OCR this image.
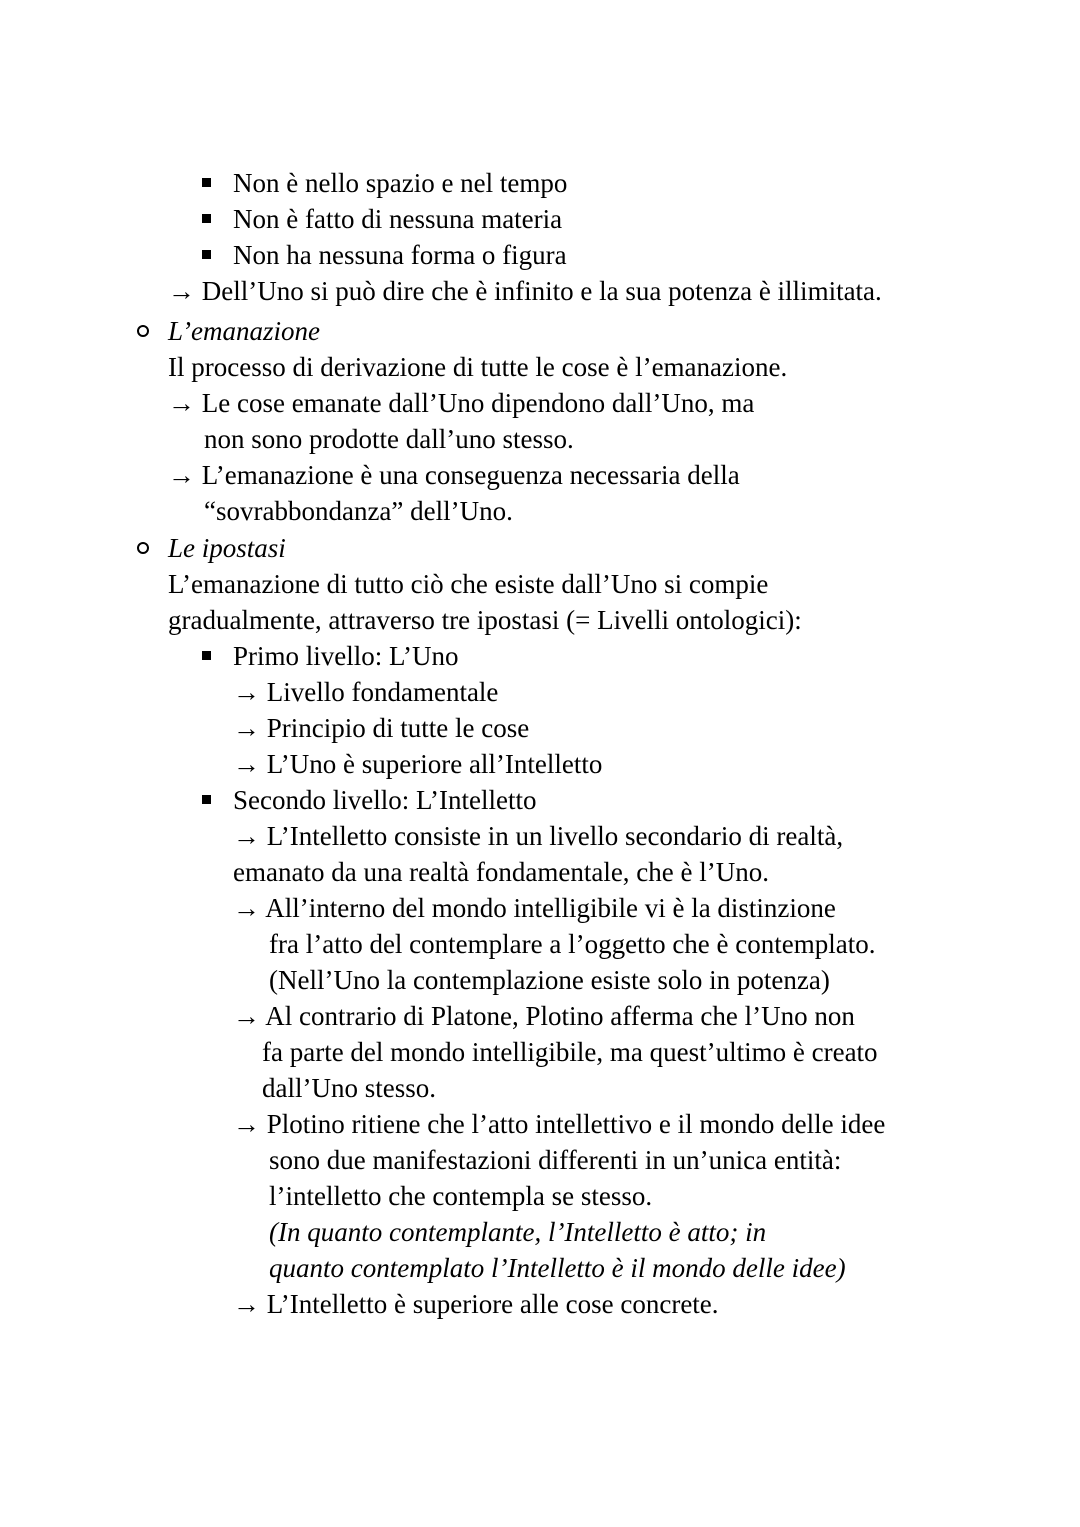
Non è nello spazio e nel tempo
Non è fatto di nessuna materia
Non ha nessuna forma o figura
→ Dell’Uno si può dire che è infinito e la sua potenza è illimitata.
L’emanazione
Il processo di derivazione di tutte le cose è l’emanazione.
→ Le cose emanate dall’Uno dipendono dall’Uno, ma
non sono prodotte dall’uno stesso.
→ L’emanazione è una conseguenza necessaria della
“sovrabbondanza” dell’Uno.
Le ipostasi
L’emanazione di tutto ciò che esiste dall’Uno si compie
gradualmente, attraverso tre ipostasi (= Livelli ontologici):
Primo livello: L’Uno
→ Livello fondamentale
→ Principio di tutte le cose
→ L’Uno è superiore all’Intelletto
Secondo livello: L’Intelletto
→ L’Intelletto consiste in un livello secondario di realtà,
emanato da una realtà fondamentale, che è l’Uno.
→ All’interno del mondo intelligibile vi è la distinzione
fra l’atto del contemplare a l’oggetto che è contemplato.
(Nell’Uno la contemplazione esiste solo in potenza)
→ Al contrario di Platone, Plotino afferma che l’Uno non
fa parte del mondo intelligibile, ma quest’ultimo è creato
dall’Uno stesso.
→ Plotino ritiene che l’atto intellettivo e il mondo delle idee
sono due manifestazioni differenti in un’unica entità:
l’intelletto che contempla se stesso.
(In quanto contemplante, l’Intelletto è atto; in
quanto contemplato l’Intelletto è il mondo delle idee)
→ L’Intelletto è superiore alle cose concrete.
